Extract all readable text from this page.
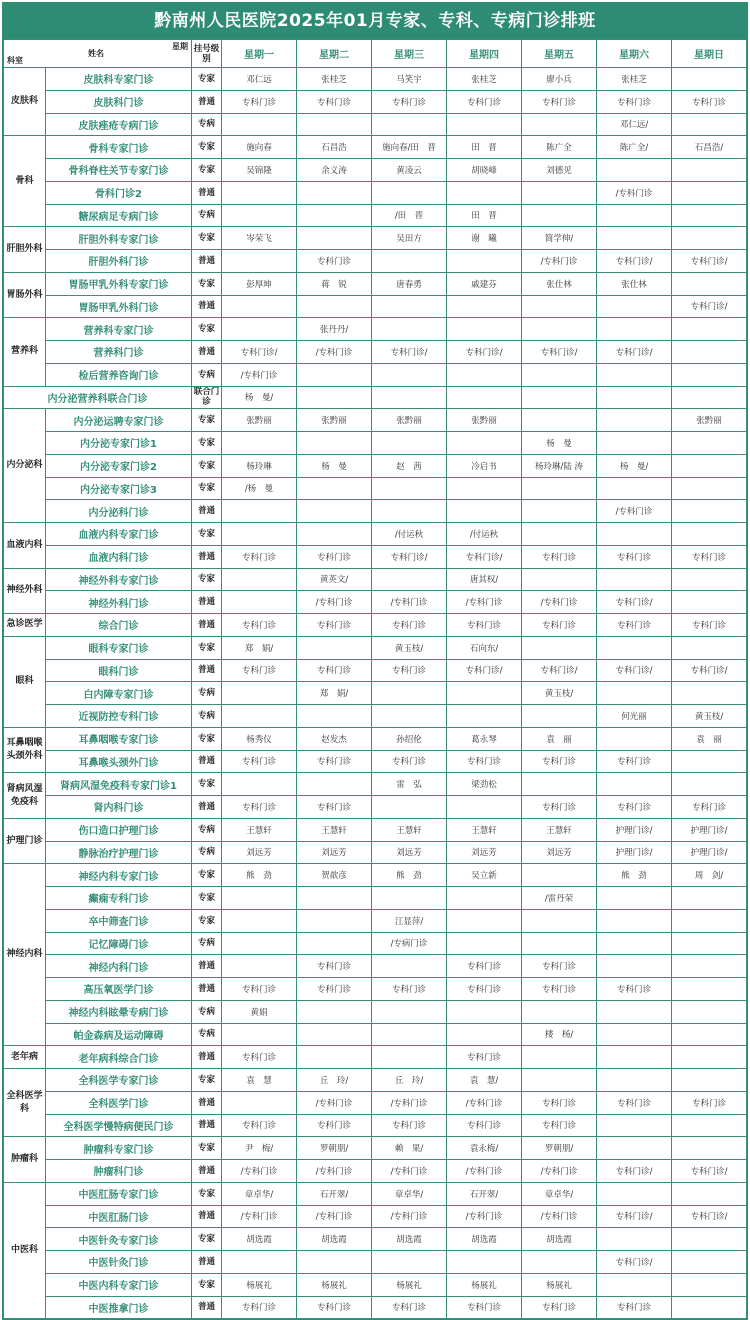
黔南州人民医院2025年01月专家、专科、专病门诊排班
星期
姓名
科室		挂号级别	星期一	星期二	星期三	星期四	星期五	星期六	星期日
皮肤科	皮肤科专家门诊	专家	邓仁远	张桂芝	马笑宇	张桂芝	廖小兵	张桂芝	
	皮肤科门诊	普通	专科门诊	专科门诊	专科门诊	专科门诊	专科门诊	专科门诊	专科门诊
	皮肤痤疮专病门诊	专病						邓仁远/	
骨科	骨科专家门诊	专家	施向春	石昌浩	施向春/田　晋	田　晋	陈广全	陈广全/	石昌浩/
	骨科脊柱关节专家门诊	专家	吴锦隆	余义涛	黄凌云	胡晓峰	刘德见		
	骨科门诊2	普通						/专科门诊	
	糖尿病足专病门诊	专病			/田　晋	田　晋			
肝胆外科	肝胆外科专家门诊	专家	岑荣飞		吴田方	谢　曦	简学伸/		
	肝胆外科门诊	普通		专科门诊			/专科门诊	专科门诊/	专科门诊/
胃肠外科	胃肠甲乳外科专家门诊	专家	彭厚坤	蒋　锐	唐春勇	戚建芬	张仕林	张仕林	
	胃肠甲乳外科门诊	普通							专科门诊/
营养科	营养科专家门诊	专家		张丹丹/					
	营养科门诊	普通	专科门诊/	/专科门诊	专科门诊/	专科门诊/	专科门诊/	专科门诊/	
	检后营养咨询门诊	专病	/专科门诊						
内分泌营养科联合门诊		联合门诊	杨　曼/						
内分泌科	内分泌运聘专家门诊	专家	张黔丽	张黔丽	张黔丽	张黔丽			张黔丽
	内分泌专家门诊1	专家					杨　曼		
	内分泌专家门诊2	专家	杨玲琳	杨　曼	赵　茜	冷启书	杨玲琳/陆 涛	杨　曼/	
	内分泌专家门诊3	专家	/杨　曼						
	内分泌科门诊	普通						/专科门诊	
血液内科	血液内科专家门诊	专家			/付运秋	/付运秋			
	血液内科门诊	普通	专科门诊	专科门诊	专科门诊/	专科门诊/	专科门诊	专科门诊	专科门诊
神经外科	神经外科专家门诊	专家		黄英文/		唐其权/			
	神经外科门诊	普通		/专科门诊	/专科门诊	/专科门诊	/专科门诊	专科门诊/	
急诊医学	综合门诊	普通	专科门诊	专科门诊	专科门诊	专科门诊	专科门诊	专科门诊	专科门诊
眼科	眼科专家门诊	专家	郑　娟/		黄玉枝/	石向东/			
	眼科门诊	普通	专科门诊	专科门诊	专科门诊	专科门诊/	专科门诊/	专科门诊/	专科门诊/
	白内障专家门诊	专病		郑　娟/			黄玉枝/		
	近视防控专科门诊	专病						何光丽	黄玉枝/
耳鼻咽喉头颈外科	耳鼻咽喉专家门诊	专家	杨秀仪	赵发杰	孙绍伦	葛永琴	袁　丽		袁　丽
	耳鼻喉头颈外门诊	普通	专科门诊	专科门诊	专科门诊	专科门诊	专科门诊	专科门诊	
肾病风湿免疫科	肾病风湿免疫科专家门诊1	专家			雷　弘	梁劲松			
	肾内科门诊	普通	专科门诊	专科门诊			专科门诊	专科门诊	专科门诊
护理门诊	伤口造口护理门诊	专病	王慧轩	王慧轩	王慧轩	王慧轩	王慧轩	护理门诊/	护理门诊/
	静脉治疗护理门诊	专病	刘远芳	刘远芳	刘远芳	刘远芳	刘远芳	护理门诊/	护理门诊/
神经内科	神经内科专家门诊	专家	熊　劲	贺歆彦	熊　劲	吴立新		熊　劲	周　剑/
	癫痫专科门诊	专家					/雷丹荣		
	卒中筛查门诊	专家			江显萍/				
	记忆障碍门诊	专病			/专病门诊				
	神经内科门诊	普通		专科门诊		专科门诊	专科门诊		
	高压氧医学门诊	普通	专科门诊	专科门诊	专科门诊	专科门诊	专科门诊	专科门诊	
	神经内科眩晕专病门诊	专病	黄娟						
	帕金森病及运动障碍	专病					楼　杨/		
老年病	老年病科综合门诊	普通	专科门诊			专科门诊			
全科医学科	全科医学专家门诊	专家	袁　慧	丘　玲/	丘　玲/	袁　慧/			
	全科医学门诊	普通		/专科门诊	/专科门诊	/专科门诊	专科门诊	专科门诊	专科门诊
	全科医学慢特病便民门诊	普通	专科门诊	专科门诊	专科门诊	专科门诊	专科门诊		
肿瘤科	肿瘤科专家门诊	专家	尹　梅/	罗朝朋/	赖　果/	袁永梅/	罗朝朋/		
	肿瘤科门诊	普通	/专科门诊	/专科门诊	/专科门诊	/专科门诊	/专科门诊	专科门诊/	专科门诊/
中医科	中医肛肠专家门诊	专家	章卓华/	石开翠/	章卓华/	石开翠/	章卓华/		
	中医肛肠门诊	普通	/专科门诊	/专科门诊	/专科门诊	/专科门诊	/专科门诊	专科门诊/	专科门诊/
	中医针灸专家门诊	专家	胡选霞	胡选霞	胡选霞	胡选霞	胡选霞		
	中医针灸门诊	普通						专科门诊/	
	中医内科专家门诊	专家	杨展礼	杨展礼	杨展礼	杨展礼	杨展礼		
	中医推拿门诊	普通	专科门诊	专科门诊	专科门诊	专科门诊	专科门诊	专科门诊	
